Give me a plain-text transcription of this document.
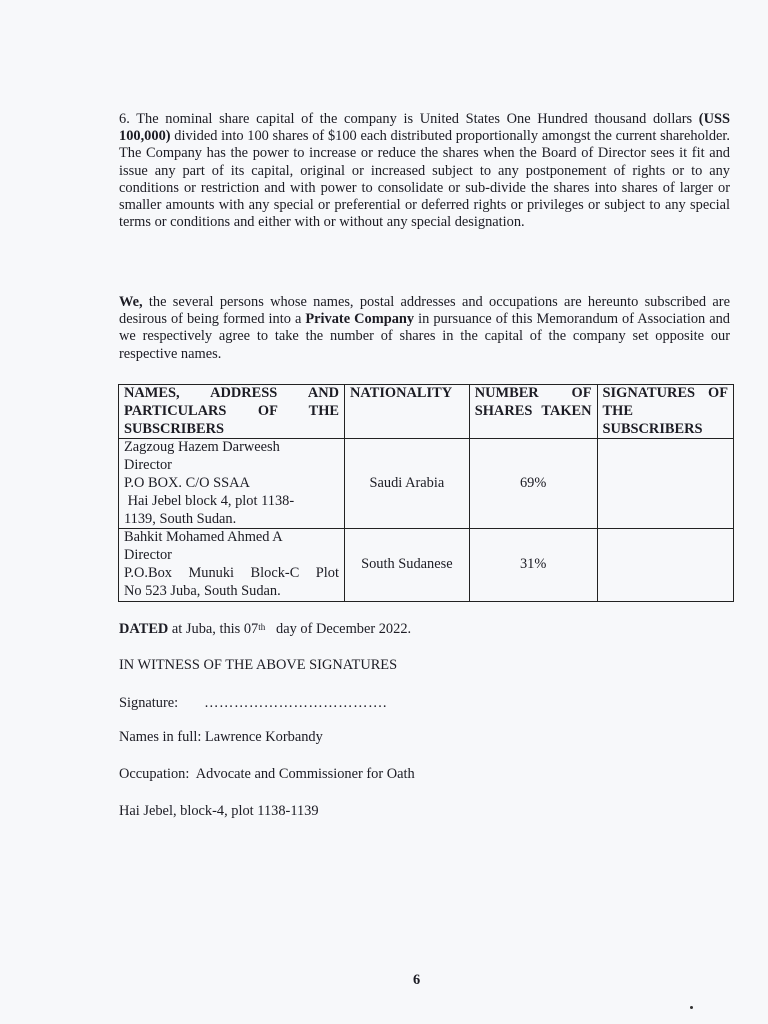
6. The nominal share capital of the company is United States One Hundred thousand dollars (USS 100,000) divided into 100 shares of $100 each distributed proportionally amongst the current shareholder. The Company has the power to increase or reduce the shares when the Board of Director sees it fit and issue any part of its capital, original or increased subject to any postponement of rights or to any conditions or restriction and with power to consolidate or sub-divide the shares into shares of larger or smaller amounts with any special or preferential or deferred rights or privileges or subject to any special terms or conditions and either with or without any special designation.

We, the several persons whose names, postal addresses and occupations are hereunto subscribed are desirous of being formed into a Private Company in pursuance of this Memorandum of Association and we respectively agree to take the number of shares in the capital of the company set opposite our respective names.

NAMES, ADDRESS AND PARTICULARS OF THE SUBSCRIBERS	NATIONALITY	NUMBER OF SHARES TAKEN	SIGNATURES OF THE SUBSCRIBERS

Zagzoug Hazem Darweesh
Director
P.O BOX. C/O SSAA
Hai Jebel block 4, plot 1138-
1139, South Sudan.	Saudi Arabia	69%	

Bahkit Mohamed Ahmed A
Director
P.O.Box Munuki Block-C Plot
No 523 Juba, South Sudan.	South Sudanese	31%	
DATED at Juba, this 07th   day of December 2022.
IN WITNESS OF THE ABOVE SIGNATURES
Signature: ……………………………….
Names in full: Lawrence Korbandy
Occupation:  Advocate and Commissioner for Oath
Hai Jebel, block-4, plot 1138-1139
6
